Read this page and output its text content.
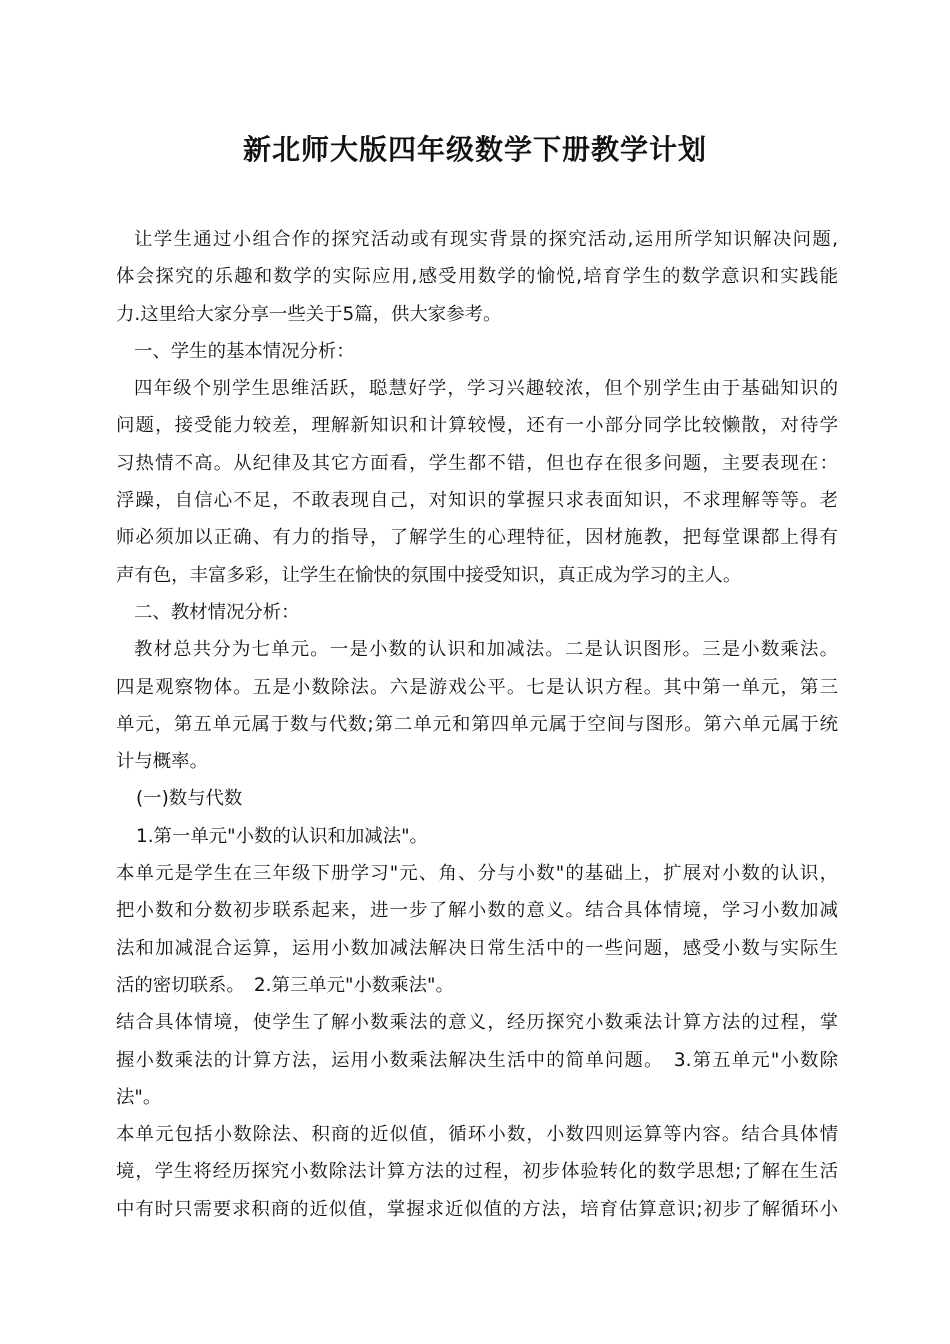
新北师大版四年级数学下册教学计划
让学生通过小组合作的探究活动或有现实背景的探究活动,运用所学知识解决问题,
体会探究的乐趣和数学的实际应用,感受用数学的愉悦,培育学生的数学意识和实践能
力.这里给大家分享一些关于5篇，供大家参考。
一、学生的基本情况分析：
四年级个别学生思维活跃，聪慧好学，学习兴趣较浓，但个别学生由于基础知识的
问题，接受能力较差，理解新知识和计算较慢，还有一小部分同学比较懒散，对待学
习热情不高。从纪律及其它方面看，学生都不错，但也存在很多问题，主要表现在：
浮躁，自信心不足，不敢表现自己，对知识的掌握只求表面知识，不求理解等等。老
师必须加以正确、有力的指导，了解学生的心理特征，因材施教，把每堂课都上得有
声有色，丰富多彩，让学生在愉快的氛围中接受知识，真正成为学习的主人。
二、教材情况分析：
教材总共分为七单元。一是小数的认识和加减法。二是认识图形。三是小数乘法。
四是观察物体。五是小数除法。六是游戏公平。七是认识方程。其中第一单元，第三
单元，第五单元属于数与代数;第二单元和第四单元属于空间与图形。第六单元属于统
计与概率。
(一)数与代数
1.第一单元"小数的认识和加减法"。
本单元是学生在三年级下册学习"元、角、分与小数"的基础上，扩展对小数的认识，
把小数和分数初步联系起来，进一步了解小数的意义。结合具体情境，学习小数加减
法和加减混合运算，运用小数加减法解决日常生活中的一些问题，感受小数与实际生
活的密切联系。　2.第三单元"小数乘法"。
结合具体情境，使学生了解小数乘法的意义，经历探究小数乘法计算方法的过程，掌
握小数乘法的计算方法，运用小数乘法解决生活中的简单问题。　3.第五单元"小数除
法"。
本单元包括小数除法、积商的近似值，循环小数，小数四则运算等内容。结合具体情
境，学生将经历探究小数除法计算方法的过程，初步体验转化的数学思想;了解在生活
中有时只需要求积商的近似值，掌握求近似值的方法，培育估算意识;初步了解循环小
